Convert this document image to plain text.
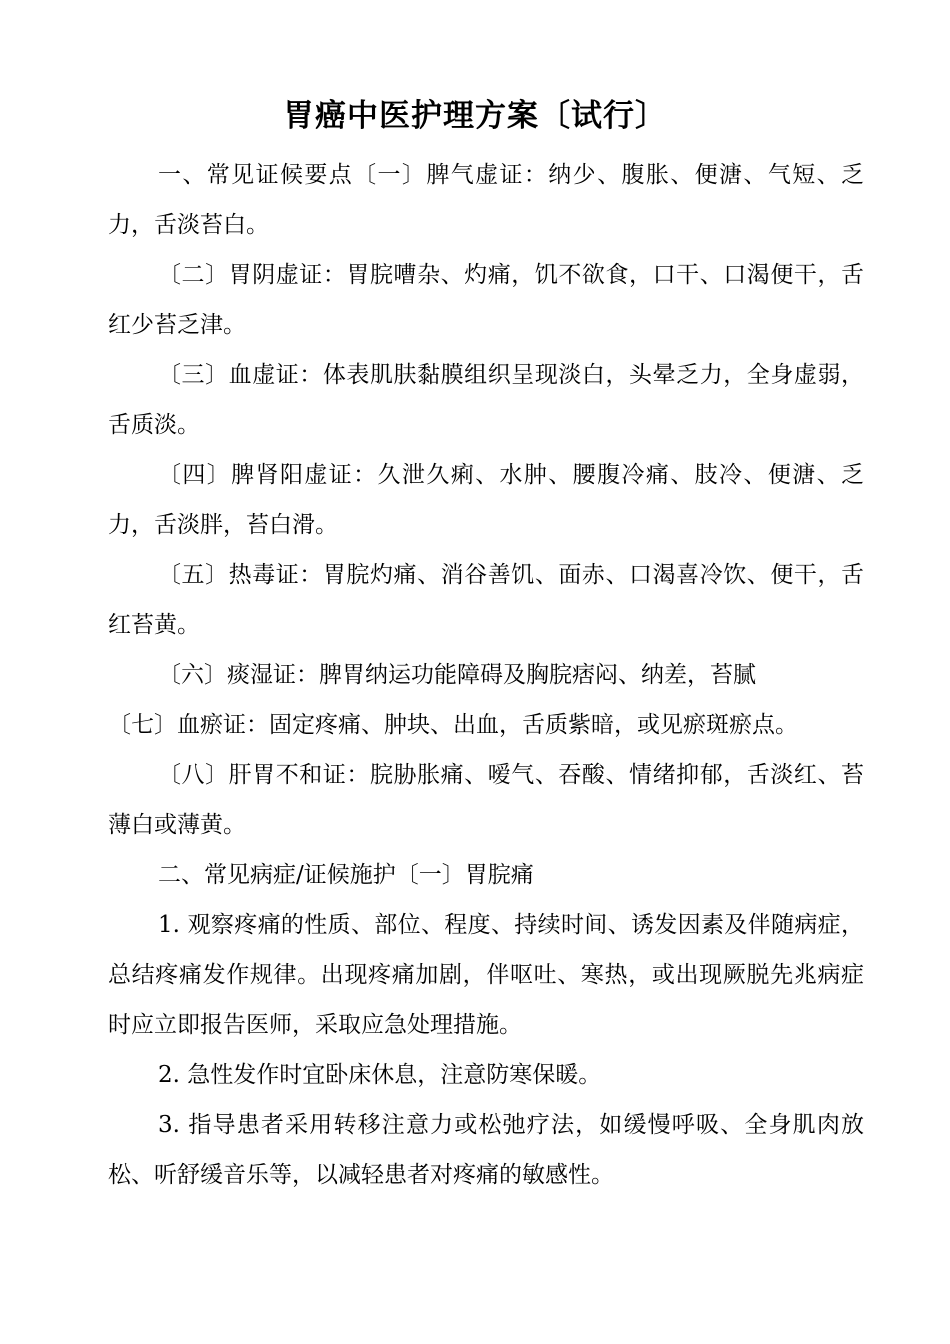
胃癌中医护理方案〔试行〕

一、常见证候要点〔一〕脾气虚证：纳少、腹胀、便溏、气短、乏力，舌淡苔白。

〔二〕胃阴虚证：胃脘嘈杂、灼痛，饥不欲食，口干、口渴便干，舌红少苔乏津。

〔三〕血虚证：体表肌肤黏膜组织呈现淡白，头晕乏力，全身虚弱，舌质淡。

〔四〕脾肾阳虚证：久泄久痢、水肿、腰腹冷痛、肢冷、便溏、乏力，舌淡胖，苔白滑。

〔五〕热毒证：胃脘灼痛、消谷善饥、面赤、口渴喜冷饮、便干，舌红苔黄。

〔六〕痰湿证：脾胃纳运功能障碍及胸脘痞闷、纳差，苔腻

〔七〕血瘀证：固定疼痛、肿块、出血，舌质紫暗，或见瘀斑瘀点。

〔八〕肝胃不和证：脘胁胀痛、嗳气、吞酸、情绪抑郁，舌淡红、苔薄白或薄黄。

二、常见病症/证候施护〔一〕胃脘痛

1. 观察疼痛的性质、部位、程度、持续时间、诱发因素及伴随病症，总结疼痛发作规律。出现疼痛加剧，伴呕吐、寒热，或出现厥脱先兆病症时应立即报告医师，采取应急处理措施。

2. 急性发作时宜卧床休息，注意防寒保暖。

3. 指导患者采用转移注意力或松弛疗法，如缓慢呼吸、全身肌肉放松、听舒缓音乐等，以减轻患者对疼痛的敏感性。
